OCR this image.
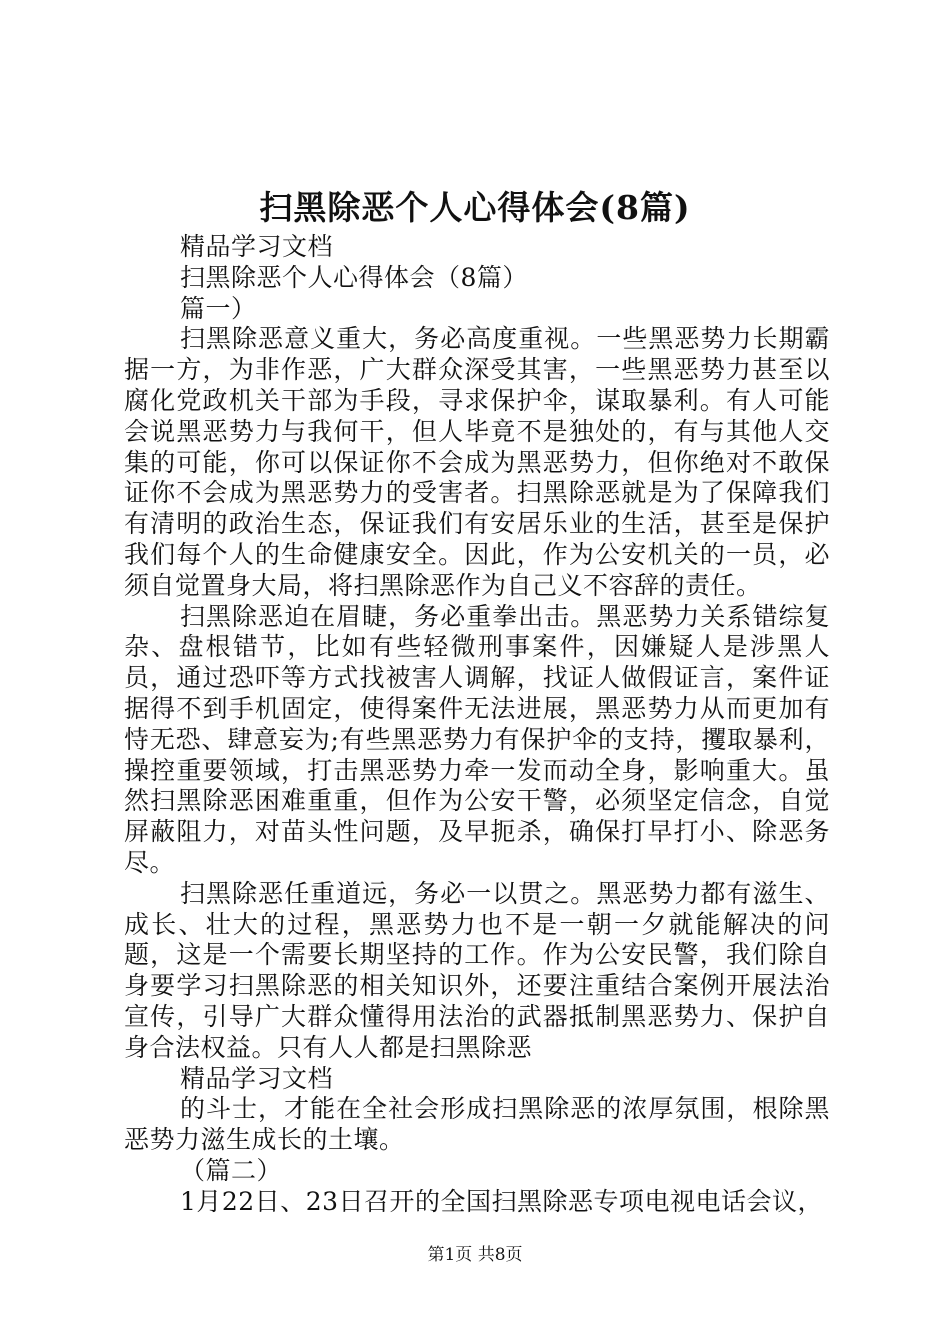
扫黑除恶个人心得体会(8篇)

精品学习文档

扫黑除恶个人心得体会（8篇）

篇一）

扫黑除恶意义重大，务必高度重视。一些黑恶势力长期霸据一方，为非作恶，广大群众深受其害，一些黑恶势力甚至以腐化党政机关干部为手段，寻求保护伞，谋取暴利。有人可能会说黑恶势力与我何干，但人毕竟不是独处的，有与其他人交集的可能，你可以保证你不会成为黑恶势力，但你绝对不敢保证你不会成为黑恶势力的受害者。扫黑除恶就是为了保障我们有清明的政治生态，保证我们有安居乐业的生活，甚至是保护我们每个人的生命健康安全。因此，作为公安机关的一员，必须自觉置身大局，将扫黑除恶作为自己义不容辞的责任。

扫黑除恶迫在眉睫，务必重拳出击。黑恶势力关系错综复杂、盘根错节，比如有些轻微刑事案件，因嫌疑人是涉黑人员，通过恐吓等方式找被害人调解，找证人做假证言，案件证据得不到手机固定，使得案件无法进展，黑恶势力从而更加有恃无恐、肆意妄为;有些黑恶势力有保护伞的支持，攫取暴利，操控重要领域，打击黑恶势力牵一发而动全身，影响重大。虽然扫黑除恶困难重重，但作为公安干警，必须坚定信念，自觉屏蔽阻力，对苗头性问题，及早扼杀，确保打早打小、除恶务尽。

扫黑除恶任重道远，务必一以贯之。黑恶势力都有滋生、成长、壮大的过程，黑恶势力也不是一朝一夕就能解决的问题，这是一个需要长期坚持的工作。作为公安民警，我们除自身要学习扫黑除恶的相关知识外，还要注重结合案例开展法治宣传，引导广大群众懂得用法治的武器抵制黑恶势力、保护自身合法权益。只有人人都是扫黑除恶

精品学习文档

的斗士，才能在全社会形成扫黑除恶的浓厚氛围，根除黑恶势力滋生成长的土壤。

（篇二）

1月22日、23日召开的全国扫黑除恶专项电视电话会议，

第1页 共8页
